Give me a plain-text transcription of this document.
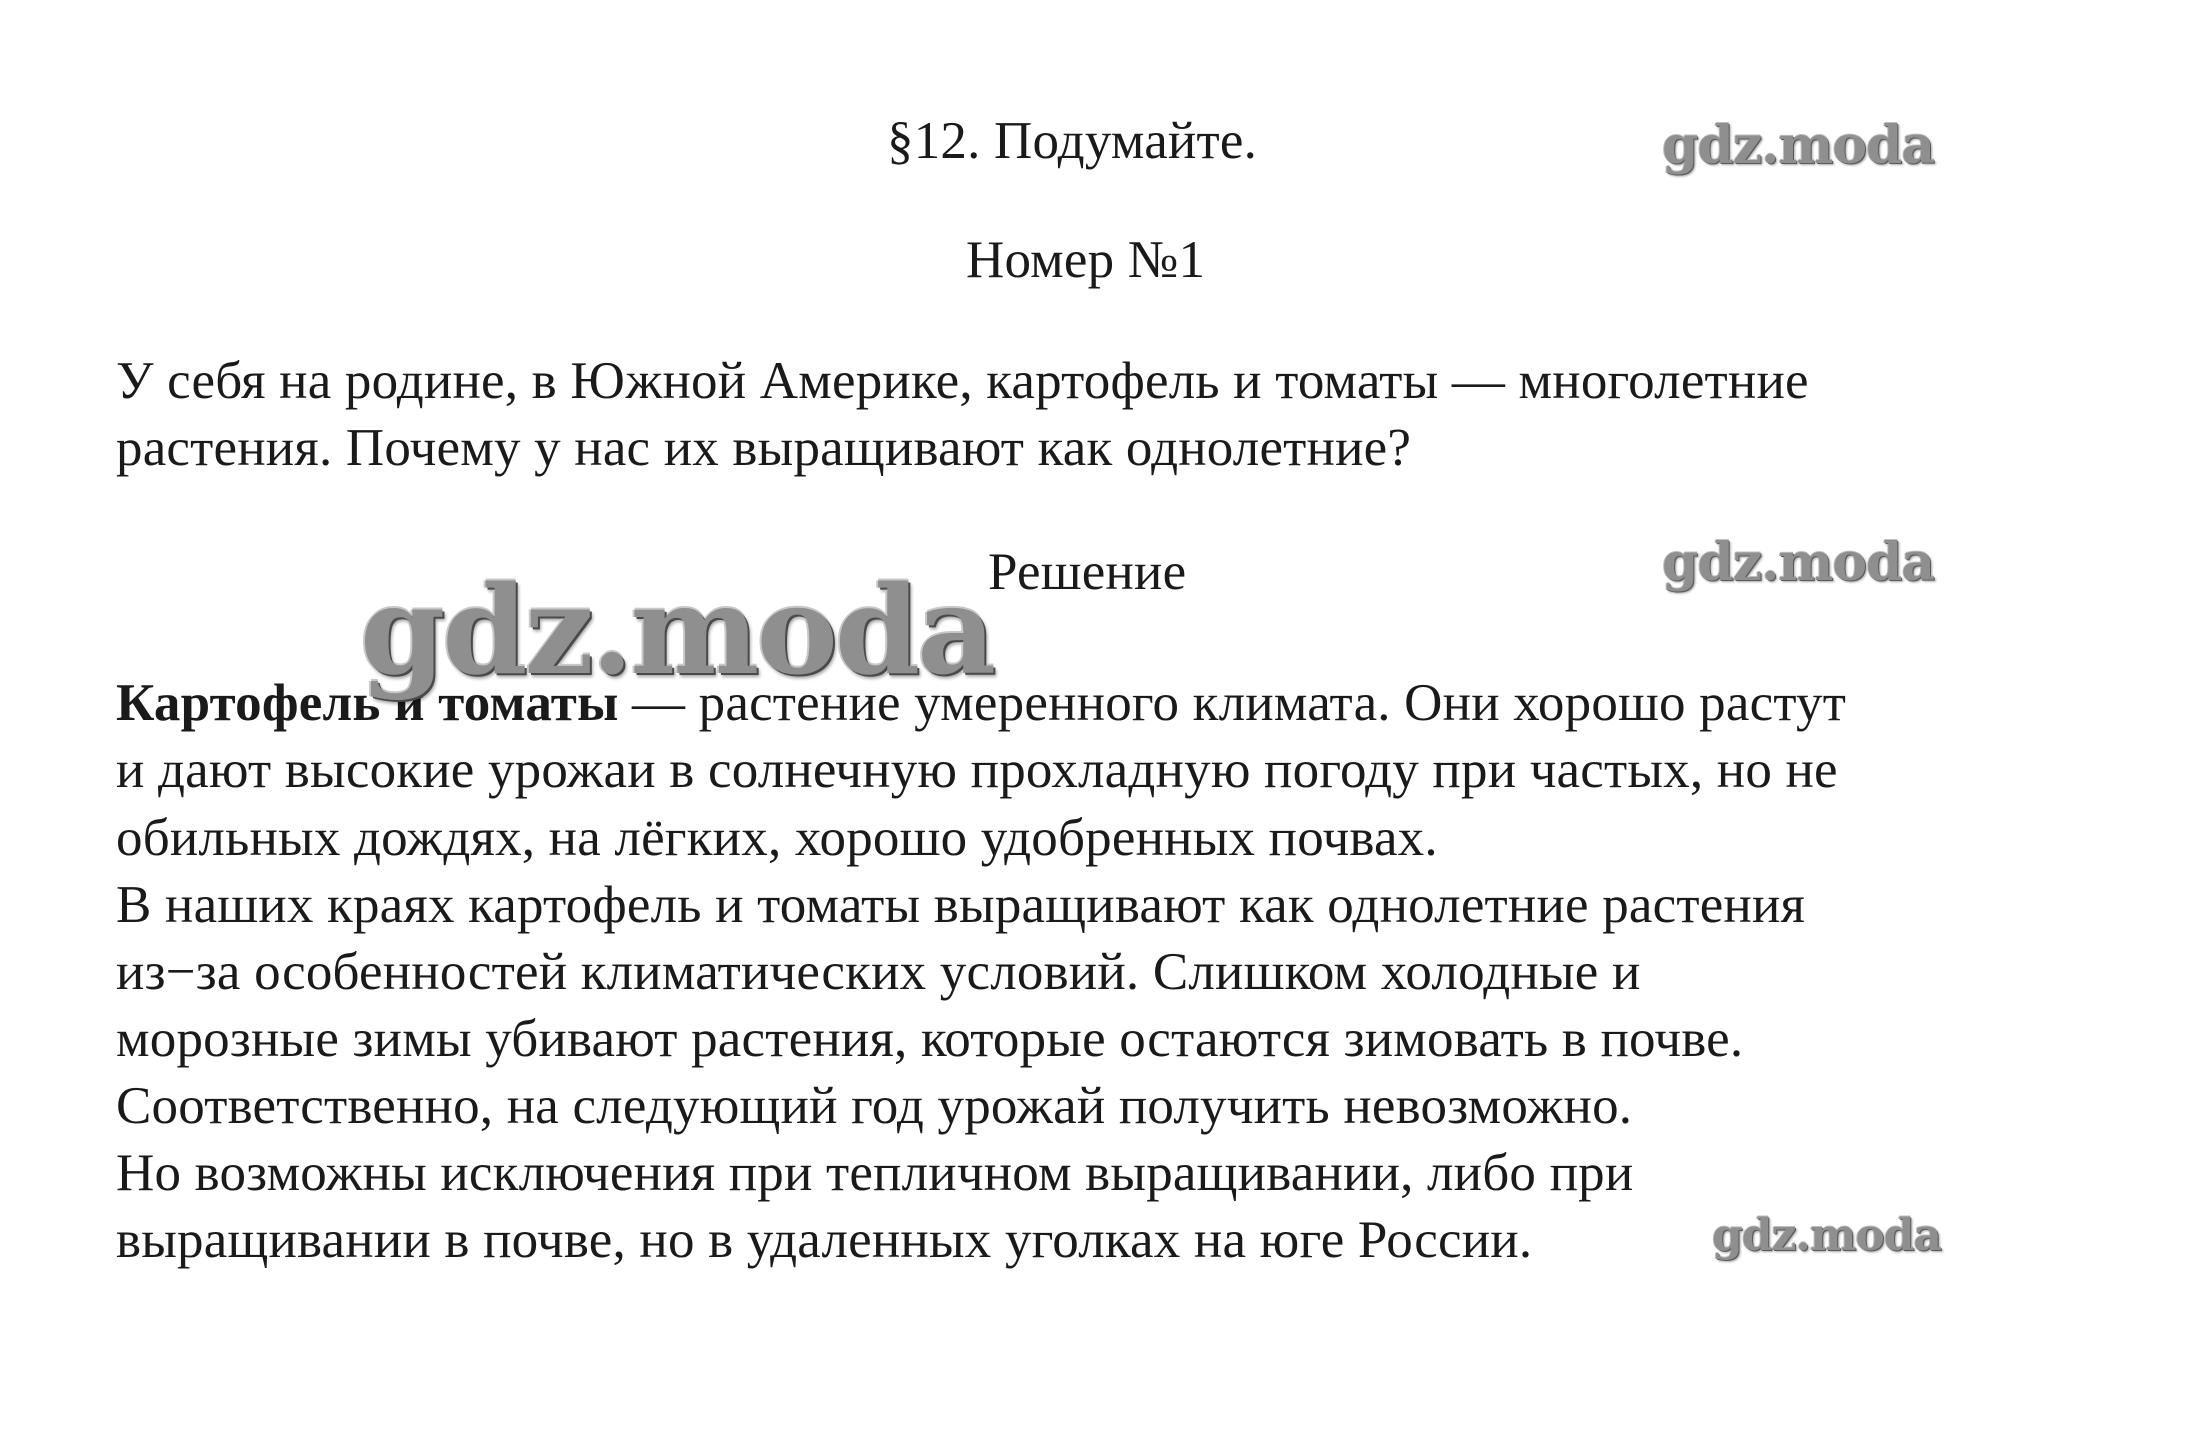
§12. Подумайте.
Номер №1
У себя на родине, в Южной Америке, картофель и томаты — многолетние
растения. Почему у нас их выращивают как однолетние?
Решение
Картофель и томаты — растение умеренного климата. Они хорошо растут
и дают высокие урожаи в солнечную прохладную погоду при частых, но не
обильных дождях, на лёгких, хорошо удобренных почвах.
В наших краях картофель и томаты выращивают как однолетние растения
из−за особенностей климатических условий. Слишком холодные и
морозные зимы убивают растения, которые остаются зимовать в почве.
Соответственно, на следующий год урожай получить невозможно.
Но возможны исключения при тепличном выращивании, либо при
выращивании в почве, но в удаленных уголках на юге России.
gdz.moda
gdz.moda
gdz.moda
gdz.moda
